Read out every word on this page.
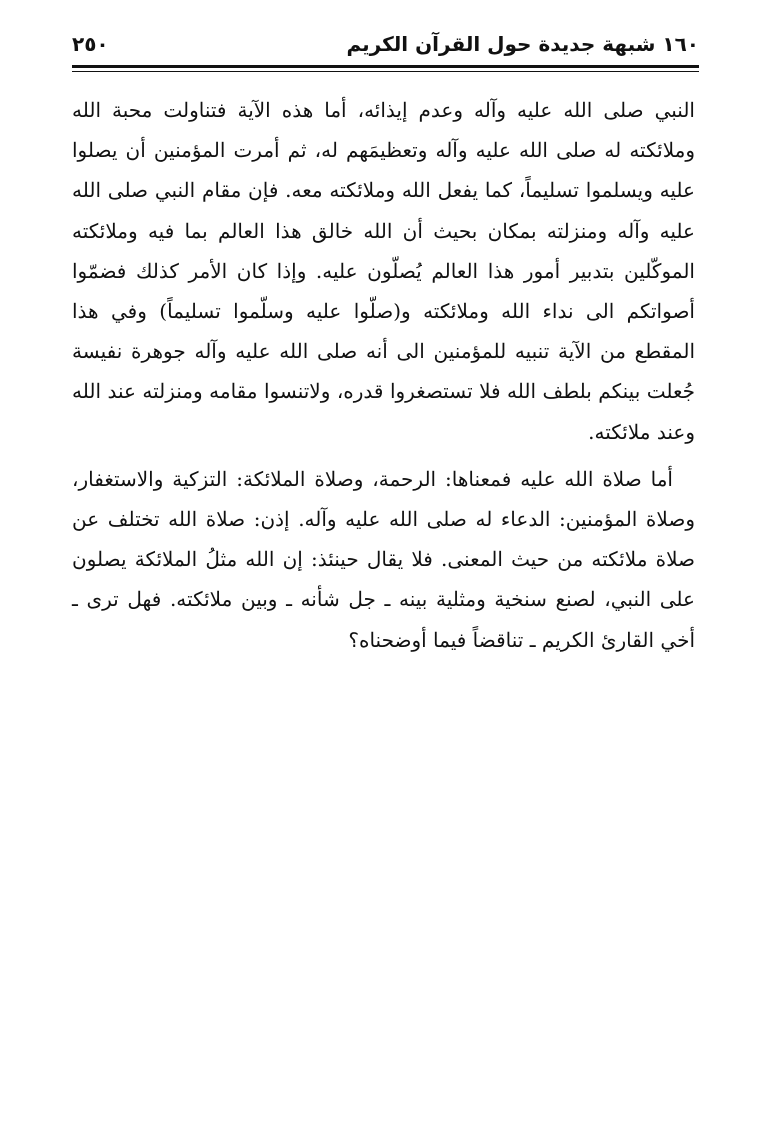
١٦٠ شبهة جديدة حول القرآن الكريم
٢٥٠

النبي صلى الله عليه وآله وعدم إيذائه، أما هذه الآية فتناولت محبة الله وملائكته له صلى الله عليه وآله وتعظيمَهم له، ثم أمرت المؤمنين أن يصلوا عليه ويسلموا تسليماً، كما يفعل الله وملائكته معه. فإن مقام النبي صلى الله عليه وآله ومنزلته بمكان بحيث أن الله خالق هذا العالم بما فيه وملائكته الموكّلين بتدبير أمور هذا العالم يُصلّون عليه. وإذا كان الأمر كذلك فضمّوا أصواتكم الى نداء الله وملائكته و(صلّوا عليه وسلّموا تسليماً) وفي هذا المقطع من الآية تنبيه للمؤمنين الى أنه صلى الله عليه وآله جوهرة نفيسة جُعلت بينكم بلطف الله فلا تستصغروا قدره، ولاتنسوا مقامه ومنزلته عند الله وعند ملائكته.

أما صلاة الله عليه فمعناها: الرحمة، وصلاة الملائكة: التزكية والاستغفار، وصلاة المؤمنين: الدعاء له صلى الله عليه وآله. إذن: صلاة الله تختلف عن صلاة ملائكته من حيث المعنى. فلا يقال حينئذ: إن الله مثلُ الملائكة يصلون على النبي، لصنع سنخية ومثلية بينه ـ جل شأنه ـ وبين ملائكته. فهل ترى ـ أخي القارئ الكريم ـ تناقضاً فيما أوضحناه؟
